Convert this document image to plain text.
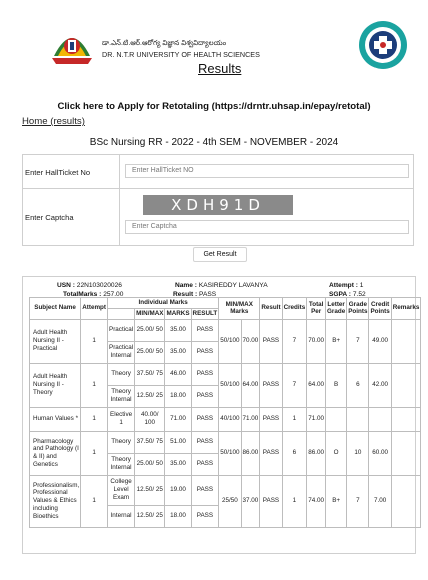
డా.ఎన్.టి.ఆర్.ఆరోగ్య విజ్ఞాన విశ్వవిద్యాలయం
DR. N.T.R UNIVERSITY OF HEALTH SCIENCES
Results
Click here to Apply for Retotaling (https://drntr.uhsap.in/epay/retotal)
Home (results)
BSc Nursing RR - 2022 - 4th SEM - NOVEMBER - 2024
Enter HallTicket No	Enter HallTicket NO
Enter Captcha
XDH91D
Enter Captcha
Get Result
USN : 22N103020026	Name : KASIREDDY LAVANYA	Attempt : 1
TotalMarks : 257.00	Result : PASS	SGPA : 7.52
Subject Name	Attempt	Individual Marks				MIN/MAX Marks		Result	Credits	Total Per	Letter Grade	Grade Points	Credit Points	Remarks
			MIN/MAX	MARKS	RESULT									
Adult Health Nursing II - Practical	1	Practical	25.00/ 50	35.00	PASS	50/100	70.00	PASS	7	70.00	B+	7	49.00	
		Practical Internal	25.00/ 50	35.00	PASS									
Adult Health Nursing II - Theory	1	Theory	37.50/ 75	46.00	PASS	50/100	64.00	PASS	7	64.00	B	6	42.00	
		Theory Internal	12.50/ 25	18.00	PASS									
Human Values *	1	Elective 1	40.00/ 100	71.00	PASS	40/100	71.00	PASS	1	71.00				
Pharmacology and Pathology (I & II) and Genetics	1	Theory	37.50/ 75	51.00	PASS	50/100	86.00	PASS	6	86.00	O	10	60.00	
		Theory Internal	25.00/ 50	35.00	PASS									
Professionalism, Professional Values & Ethics including Bioethics	1	College Level Exam	12.50/ 25	19.00	PASS	25/50	37.00	PASS	1	74.00	B+	7	7.00	
		Internal	12.50/ 25	18.00	PASS									
